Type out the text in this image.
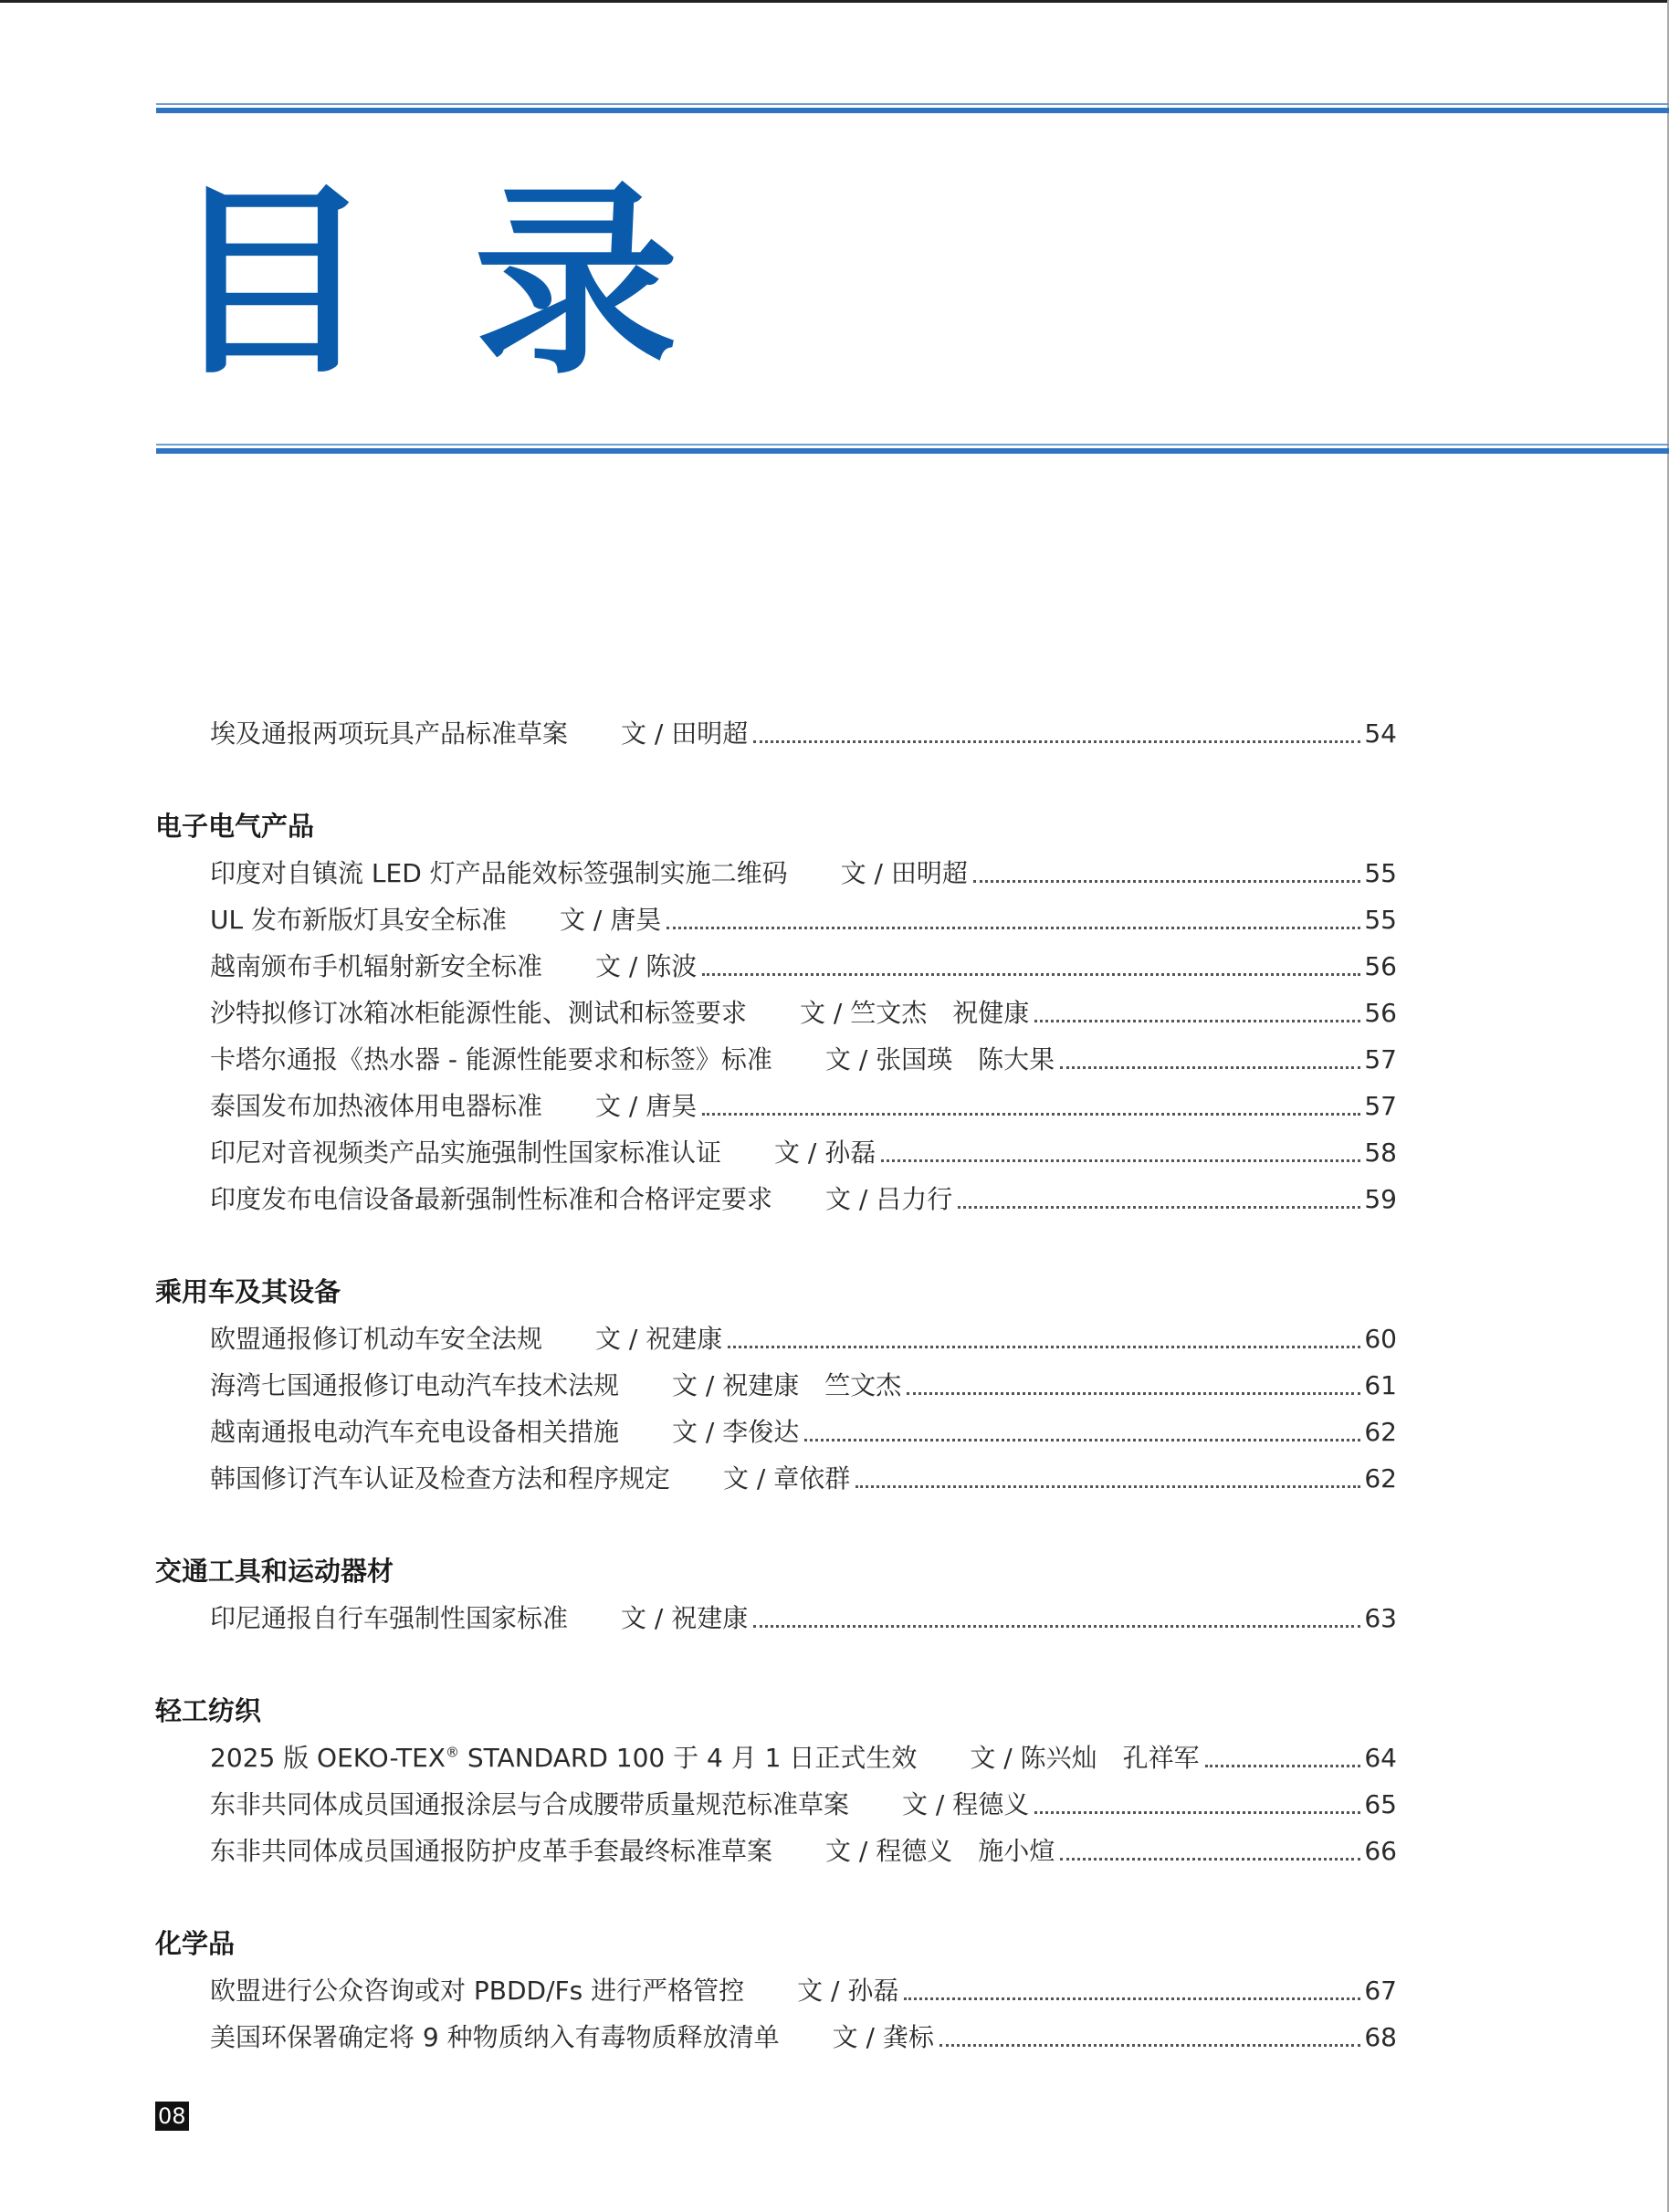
目 录
埃及通报两项玩具产品标准草案 文 / 田明超	54
电子电气产品
印度对自镇流 LED 灯产品能效标签强制实施二维码 文 / 田明超	55
UL 发布新版灯具安全标准 文 / 唐昊	55
越南颁布手机辐射新安全标准 文 / 陈波	56
沙特拟修订冰箱冰柜能源性能、测试和标签要求 文 / 竺文杰　祝健康	56
卡塔尔通报《热水器 - 能源性能要求和标签》标准 文 / 张国瑛　陈大果	57
泰国发布加热液体用电器标准 文 / 唐昊	57
印尼对音视频类产品实施强制性国家标准认证 文 / 孙磊	58
印度发布电信设备最新强制性标准和合格评定要求 文 / 吕力行	59
乘用车及其设备
欧盟通报修订机动车安全法规 文 / 祝建康	60
海湾七国通报修订电动汽车技术法规 文 / 祝建康　竺文杰	61
越南通报电动汽车充电设备相关措施 文 / 李俊达	62
韩国修订汽车认证及检查方法和程序规定 文 / 章依群	62
交通工具和运动器材
印尼通报自行车强制性国家标准 文 / 祝建康	63
轻工纺织
2025 版 OEKO-TEX® STANDARD 100 于 4 月 1 日正式生效 文 / 陈兴灿　孔祥军	64
东非共同体成员国通报涂层与合成腰带质量规范标准草案 文 / 程德义	65
东非共同体成员国通报防护皮革手套最终标准草案 文 / 程德义　施小煊	66
化学品
欧盟进行公众咨询或对 PBDD/Fs 进行严格管控 文 / 孙磊	67
美国环保署确定将 9 种物质纳入有毒物质释放清单 文 / 龚标	68
08
